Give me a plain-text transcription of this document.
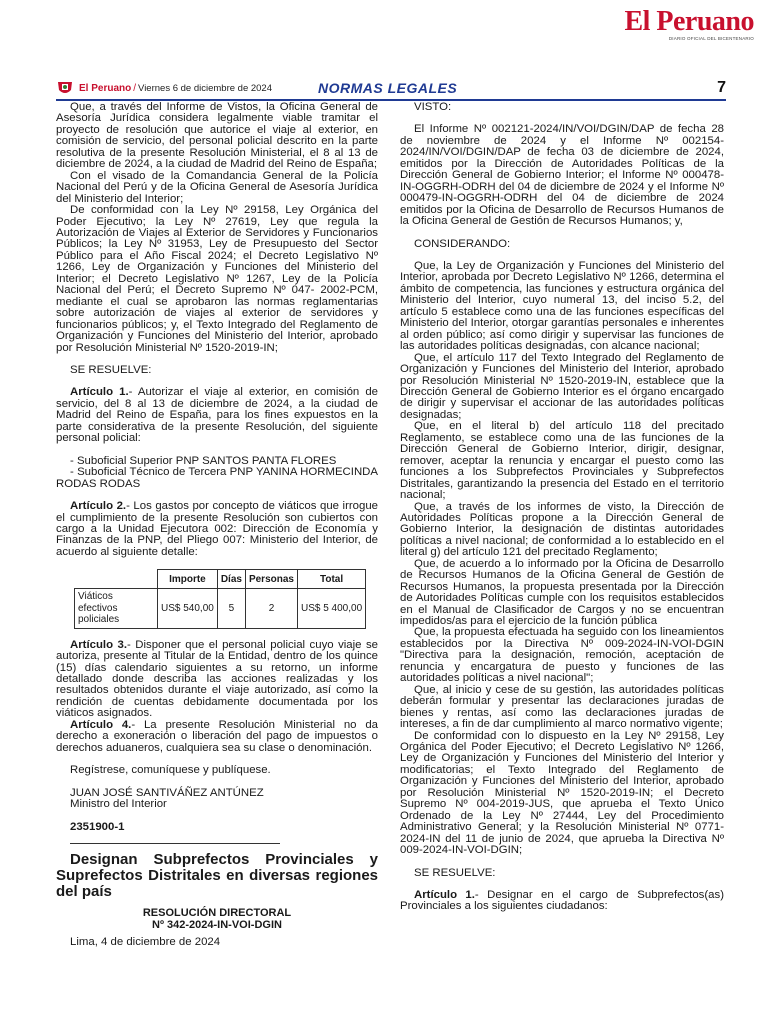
El Peruano
DIARIO OFICIAL DEL BICENTENARIO
El Peruano / Viernes 6 de diciembre de 2024	NORMAS LEGALES	7

Que, a través del Informe de Vistos, la Oficina General de Asesoría Jurídica considera legalmente viable tramitar el proyecto de resolución que autorice el viaje al exterior, en comisión de servicio, del personal policial descrito en la parte resolutiva de la presente Resolución Ministerial, el 8 al 13 de diciembre de 2024, a la ciudad de Madrid del Reino de España;

Con el visado de la Comandancia General de la Policía Nacional del Perú y de la Oficina General de Asesoría Jurídica del Ministerio del Interior;

De conformidad con la Ley Nº 29158, Ley Orgánica del Poder Ejecutivo; la Ley Nº 27619, Ley que regula la Autorización de Viajes al Exterior de Servidores y Funcionarios Públicos; la Ley Nº 31953, Ley de Presupuesto del Sector Público para el Año Fiscal 2024; el Decreto Legislativo Nº 1266, Ley de Organización y Funciones del Ministerio del Interior; el Decreto Legislativo Nº 1267, Ley de la Policía Nacional del Perú; el Decreto Supremo Nº 047- 2002-PCM, mediante el cual se aprobaron las normas reglamentarias sobre autorización de viajes al exterior de servidores y funcionarios públicos; y, el Texto Integrado del Reglamento de Organización y Funciones del Ministerio del Interior, aprobado por Resolución Ministerial Nº 1520-2019-IN;

SE RESUELVE:

Artículo 1.- Autorizar el viaje al exterior, en comisión de servicio, del 8 al 13 de diciembre de 2024, a la ciudad de Madrid del Reino de España, para los fines expuestos en la parte considerativa de la presente Resolución, del siguiente personal policial:

- Suboficial Superior PNP SANTOS PANTA FLORES

- Suboficial Técnico de Tercera PNP YANINA HORMECINDA RODAS RODAS

Artículo 2.- Los gastos por concepto de viáticos que irrogue el cumplimiento de la presente Resolución son cubiertos con cargo a la Unidad Ejecutora 002: Dirección de Economía y Finanzas de la PNP, del Pliego 007: Ministerio del Interior, de acuerdo al siguiente detalle:

	Importe	Días	Personas	Total
Viáticos efectivos policiales	US$ 540,00	5	2	US$ 5 400,00

Artículo 3.- Disponer que el personal policial cuyo viaje se autoriza, presente al Titular de la Entidad, dentro de los quince (15) días calendario siguientes a su retorno, un informe detallado donde describa las acciones realizadas y los resultados obtenidos durante el viaje autorizado, así como la rendición de cuentas debidamente documentada por los viáticos asignados.

Artículo 4.- La presente Resolución Ministerial no da derecho a exoneración o liberación del pago de impuestos o derechos aduaneros, cualquiera sea su clase o denominación.

Regístrese, comuníquese y publíquese.

JUAN JOSÉ SANTIVÁÑEZ ANTÚNEZ

Ministro del Interior

2351900-1

Designan Subprefectos Provinciales y Suprefectos Distritales en diversas regiones del país

RESOLUCIÓN DIRECTORAL
Nº 342-2024-IN-VOI-DGIN

Lima, 4 de diciembre de 2024

VISTO:

El Informe Nº 002121-2024/IN/VOI/DGIN/DAP de fecha 28 de noviembre de 2024 y el Informe Nº 002154-2024/IN/VOI/DGIN/DAP de fecha 03 de diciembre de 2024, emitidos por la Dirección de Autoridades Políticas de la Dirección General de Gobierno Interior; el Informe Nº 000478-IN-OGGRH-ODRH del 04 de diciembre de 2024 y el Informe Nº 000479-IN-OGGRH-ODRH del 04 de diciembre de 2024 emitidos por la Oficina de Desarrollo de Recursos Humanos de la Oficina General de Gestión de Recursos Humanos; y,

CONSIDERANDO:

Que, la Ley de Organización y Funciones del Ministerio del Interior, aprobada por Decreto Legislativo Nº 1266, determina el ámbito de competencia, las funciones y estructura orgánica del Ministerio del Interior, cuyo numeral 13, del inciso 5.2, del artículo 5 establece como una de las funciones específicas del Ministerio del Interior, otorgar garantías personales e inherentes al orden público; así como dirigir y supervisar las funciones de las autoridades políticas designadas, con alcance nacional;

Que, el artículo 117 del Texto Integrado del Reglamento de Organización y Funciones del Ministerio del Interior, aprobado por Resolución Ministerial Nº 1520-2019-IN, establece que la Dirección General de Gobierno Interior es el órgano encargado de dirigir y supervisar el accionar de las autoridades políticas designadas;

Que, en el literal b) del artículo 118 del precitado Reglamento, se establece como una de las funciones de la Dirección General de Gobierno Interior, dirigir, designar, remover, aceptar la renuncia y encargar el puesto como las funciones a los Subprefectos Provinciales y Subprefectos Distritales, garantizando la presencia del Estado en el territorio nacional;

Que, a través de los informes de visto, la Dirección de Autoridades Políticas propone a la Dirección General de Gobierno Interior, la designación de distintas autoridades políticas a nivel nacional; de conformidad a lo establecido en el literal g) del artículo 121 del precitado Reglamento;

Que, de acuerdo a lo informado por la Oficina de Desarrollo de Recursos Humanos de la Oficina General de Gestión de Recursos Humanos, la propuesta presentada por la Dirección de Autoridades Políticas cumple con los requisitos establecidos en el Manual de Clasificador de Cargos y no se encuentran impedidos/as para el ejercicio de la función pública

Que, la propuesta efectuada ha seguido con los lineamientos establecidos por la Directiva Nº 009-2024-IN-VOI-DGIN "Directiva para la designación, remoción, aceptación de renuncia y encargatura de puesto y funciones de las autoridades políticas a nivel nacional";

Que, al inicio y cese de su gestión, las autoridades políticas deberán formular y presentar las declaraciones juradas de bienes y rentas, así como las declaraciones juradas de intereses, a fin de dar cumplimiento al marco normativo vigente;

De conformidad con lo dispuesto en la Ley Nº 29158, Ley Orgánica del Poder Ejecutivo; el Decreto Legislativo Nº 1266, Ley de Organización y Funciones del Ministerio del Interior y modificatorias; el Texto Integrado del Reglamento de Organización y Funciones del Ministerio del Interior, aprobado por Resolución Ministerial Nº 1520-2019-IN; el Decreto Supremo Nº 004-2019-JUS, que aprueba el Texto Único Ordenado de la Ley Nº 27444, Ley del Procedimiento Administrativo General; y la Resolución Ministerial Nº 0771-2024-IN del 11 de junio de 2024, que aprueba la Directiva Nº 009-2024-IN-VOI-DGIN;

SE RESUELVE:

Artículo 1.- Designar en el cargo de Subprefectos(as) Provinciales a los siguientes ciudadanos:
